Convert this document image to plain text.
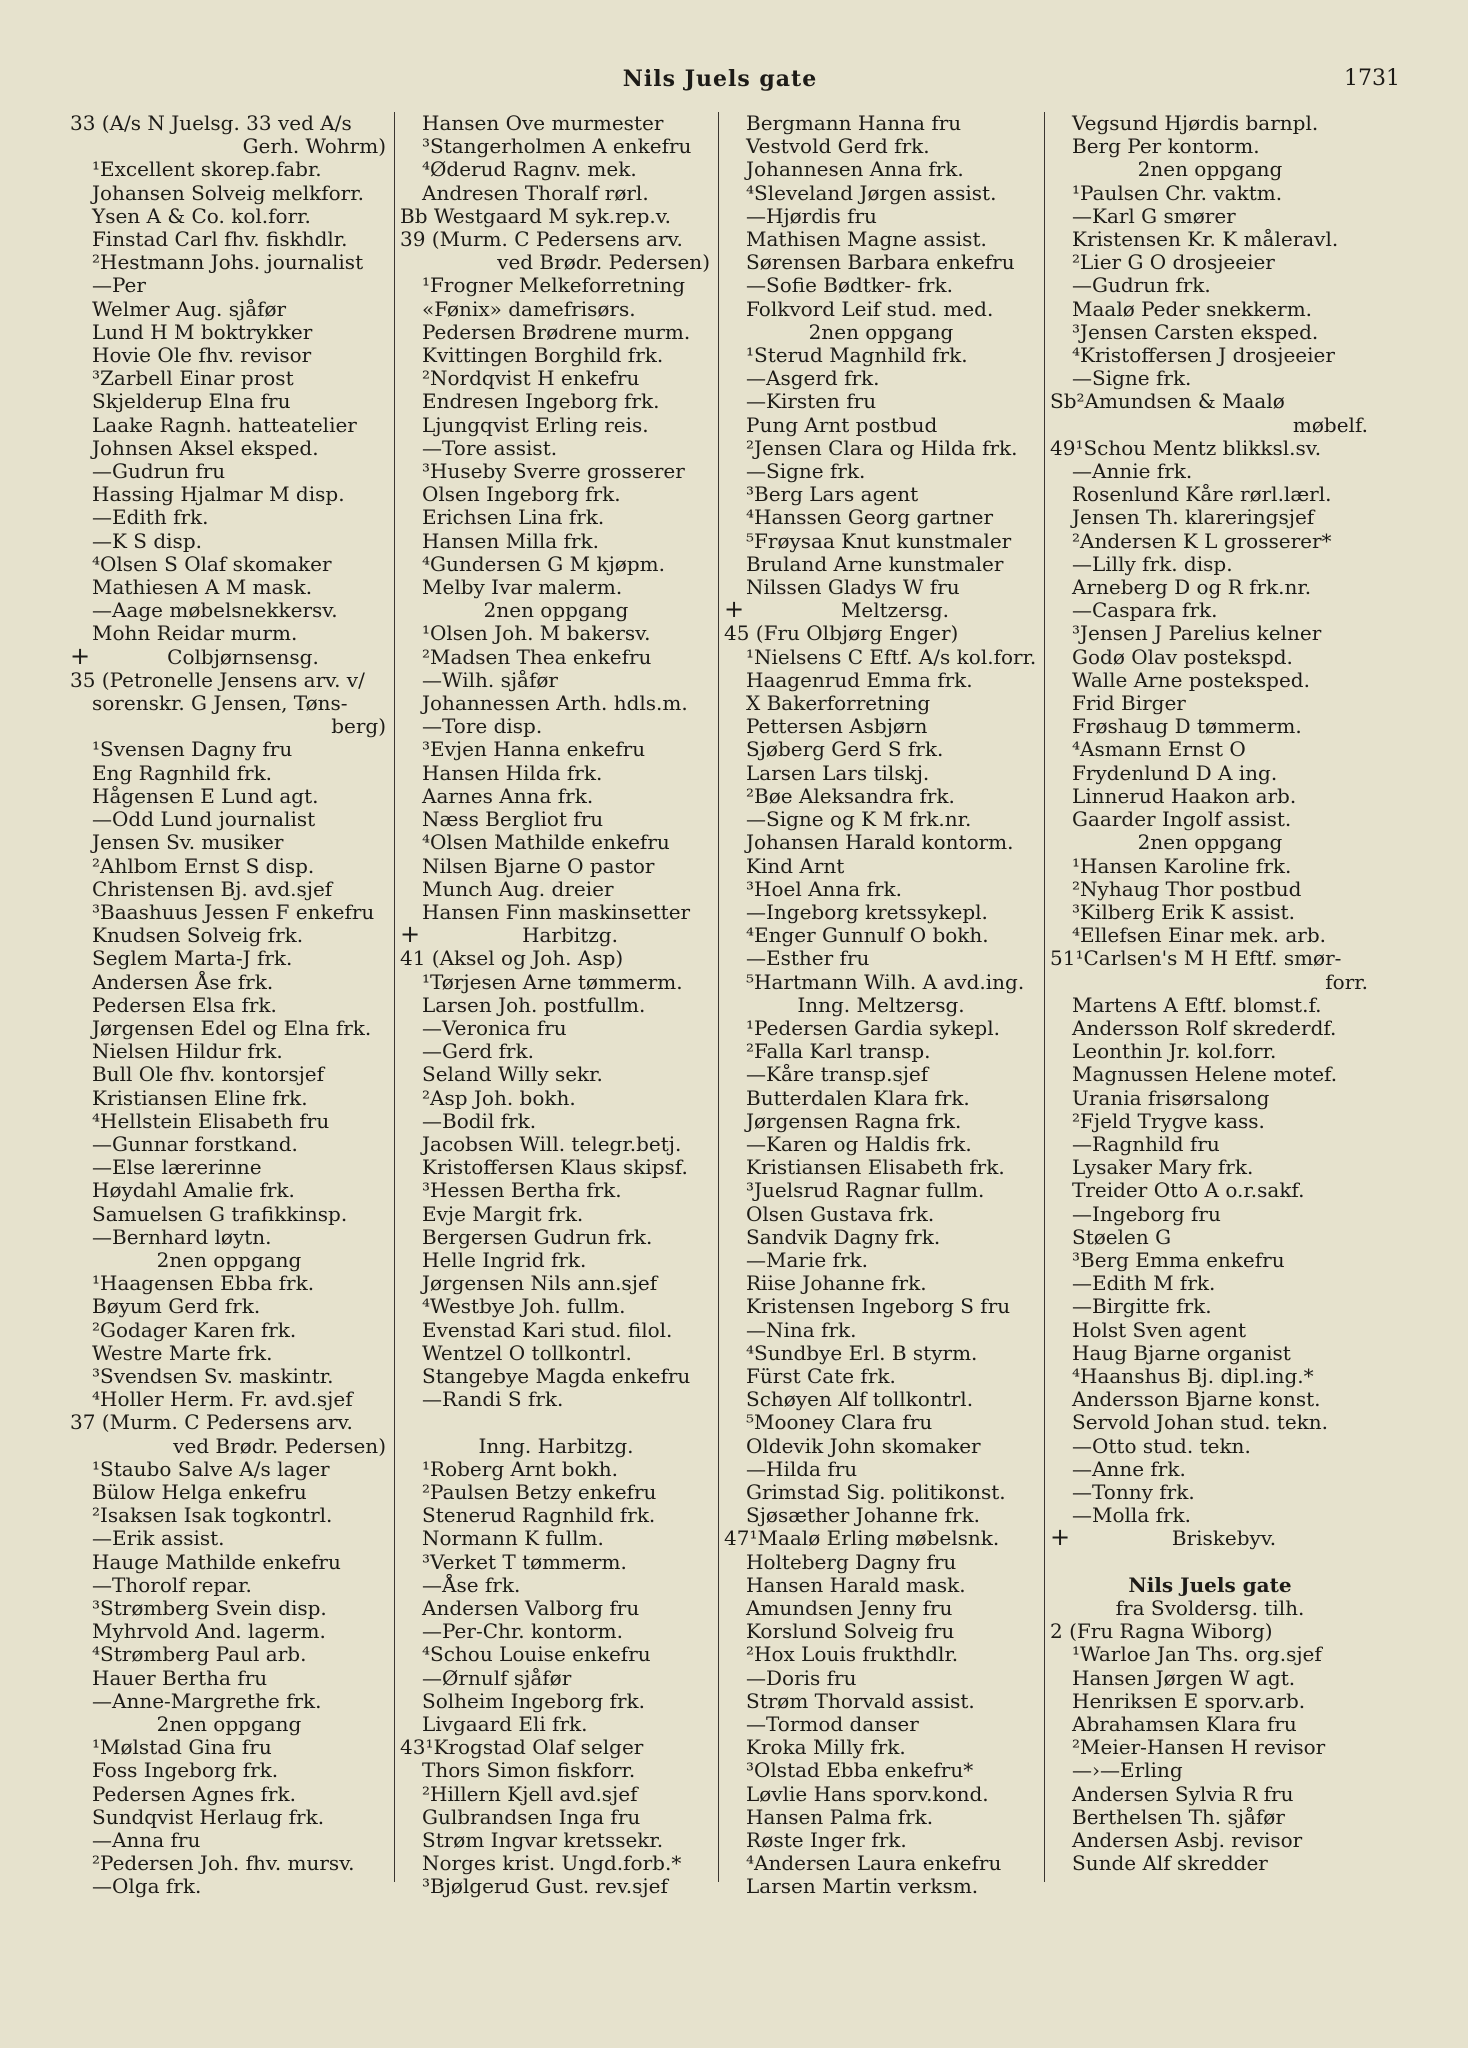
Nils Juels gate	1731
33 (A/s N Juelsg. 33 ved A/s
Gerh. Wohrm)
¹Excellent skorep.fabr.
Johansen Solveig melkforr.
Ysen A & Co. kol.forr.
Finstad Carl fhv. fiskhdlr.
²Hestmann Johs. journalist
—Per
Welmer Aug. sjåfør
Lund H M boktrykker
Hovie Ole fhv. revisor
³Zarbell Einar prost
Skjelderup Elna fru
Laake Ragnh. hatteatelier
Johnsen Aksel eksped.
—Gudrun fru
Hassing Hjalmar M disp.
—Edith frk.
—K S disp.
⁴Olsen S Olaf skomaker
Mathiesen A M mask.
—Aage møbelsnekkersv.
Mohn Reidar murm.
+	Colbjørnsensg.
35 (Petronelle Jensens arv. v/
sorenskr. G Jensen, Tøns-
berg)
¹Svensen Dagny fru
Eng Ragnhild frk.
Hågensen E Lund agt.
—Odd Lund journalist
Jensen Sv. musiker
²Ahlbom Ernst S disp.
Christensen Bj. avd.sjef
³Baashuus Jessen F enkefru
Knudsen Solveig frk.
Seglem Marta-J frk.
Andersen Åse frk.
Pedersen Elsa frk.
Jørgensen Edel og Elna frk.
Nielsen Hildur frk.
Bull Ole fhv. kontorsjef
Kristiansen Eline frk.
⁴Hellstein Elisabeth fru
—Gunnar forstkand.
—Else lærerinne
Høydahl Amalie frk.
Samuelsen G trafikkinsp.
—Bernhard løytn.
2nen oppgang
¹Haagensen Ebba frk.
Bøyum Gerd frk.
²Godager Karen frk.
Westre Marte frk.
³Svendsen Sv. maskintr.
⁴Holler Herm. Fr. avd.sjef
37 (Murm. C Pedersens arv.
ved Brødr. Pedersen)
¹Staubo Salve A/s lager
Bülow Helga enkefru
²Isaksen Isak togkontrl.
—Erik assist.
Hauge Mathilde enkefru
—Thorolf repar.
³Strømberg Svein disp.
Myhrvold And. lagerm.
⁴Strømberg Paul arb.
Hauer Bertha fru
—Anne-Margrethe frk.
2nen oppgang
¹Mølstad Gina fru
Foss Ingeborg frk.
Pedersen Agnes frk.
Sundqvist Herlaug frk.
—Anna fru
²Pedersen Joh. fhv. mursv.
—Olga frk.
Hansen Ove murmester
³Stangerholmen A enkefru
⁴Øderud Ragnv. mek.
Andresen Thoralf rørl.
Bb Westgaard M syk.rep.v.
39 (Murm. C Pedersens arv.
ved Brødr. Pedersen)
¹Frogner Melkeforretning
«Fønix» damefrisørs.
Pedersen Brødrene murm.
Kvittingen Borghild frk.
²Nordqvist H enkefru
Endresen Ingeborg frk.
Ljungqvist Erling reis.
—Tore assist.
³Huseby Sverre grosserer
Olsen Ingeborg frk.
Erichsen Lina frk.
Hansen Milla frk.
⁴Gundersen G M kjøpm.
Melby Ivar malerm.
2nen oppgang
¹Olsen Joh. M bakersv.
²Madsen Thea enkefru
—Wilh. sjåfør
Johannessen Arth. hdls.m.
—Tore disp.
³Evjen Hanna enkefru
Hansen Hilda frk.
Aarnes Anna frk.
Næss Bergliot fru
⁴Olsen Mathilde enkefru
Nilsen Bjarne O pastor
Munch Aug. dreier
Hansen Finn maskinsetter
+	Harbitzg.
41 (Aksel og Joh. Asp)
¹Tørjesen Arne tømmerm.
Larsen Joh. postfullm.
—Veronica fru
—Gerd frk.
Seland Willy sekr.
²Asp Joh. bokh.
—Bodil frk.
Jacobsen Will. telegr.betj.
Kristoffersen Klaus skipsf.
³Hessen Bertha frk.
Evje Margit frk.
Bergersen Gudrun frk.
Helle Ingrid frk.
Jørgensen Nils ann.sjef
⁴Westbye Joh. fullm.
Evenstad Kari stud. filol.
Wentzel O tollkontrl.
Stangebye Magda enkefru
—Randi S frk.
Inng. Harbitzg.
¹Roberg Arnt bokh.
²Paulsen Betzy enkefru
Stenerud Ragnhild frk.
Normann K fullm.
³Verket T tømmerm.
—Åse frk.
Andersen Valborg fru
—Per-Chr. kontorm.
⁴Schou Louise enkefru
—Ørnulf sjåfør
Solheim Ingeborg frk.
Livgaard Eli frk.
43¹Krogstad Olaf selger
Thors Simon fiskforr.
²Hillern Kjell avd.sjef
Gulbrandsen Inga fru
Strøm Ingvar kretssekr.
Norges krist. Ungd.forb.*
³Bjølgerud Gust. rev.sjef
Bergmann Hanna fru
Vestvold Gerd frk.
Johannesen Anna frk.
⁴Sleveland Jørgen assist.
—Hjørdis fru
Mathisen Magne assist.
Sørensen Barbara enkefru
—Sofie Bødtker- frk.
Folkvord Leif stud. med.
2nen oppgang
¹Sterud Magnhild frk.
—Asgerd frk.
—Kirsten fru
Pung Arnt postbud
²Jensen Clara og Hilda frk.
—Signe frk.
³Berg Lars agent
⁴Hanssen Georg gartner
⁵Frøysaa Knut kunstmaler
Bruland Arne kunstmaler
Nilssen Gladys W fru
+	Meltzersg.
45 (Fru Olbjørg Enger)
¹Nielsens C Eftf. A/s kol.forr.
Haagenrud Emma frk.
X Bakerforretning
Pettersen Asbjørn
Sjøberg Gerd S frk.
Larsen Lars tilskj.
²Bøe Aleksandra frk.
—Signe og K M frk.nr.
Johansen Harald kontorm.
Kind Arnt
³Hoel Anna frk.
—Ingeborg kretssykepl.
⁴Enger Gunnulf O bokh.
—Esther fru
⁵Hartmann Wilh. A avd.ing.
Inng. Meltzersg.
¹Pedersen Gardia sykepl.
²Falla Karl transp.
—Kåre transp.sjef
Butterdalen Klara frk.
Jørgensen Ragna frk.
—Karen og Haldis frk.
Kristiansen Elisabeth frk.
³Juelsrud Ragnar fullm.
Olsen Gustava frk.
Sandvik Dagny frk.
—Marie frk.
Riise Johanne frk.
Kristensen Ingeborg S fru
—Nina frk.
⁴Sundbye Erl. B styrm.
Fürst Cate frk.
Schøyen Alf tollkontrl.
⁵Mooney Clara fru
Oldevik John skomaker
—Hilda fru
Grimstad Sig. politikonst.
Sjøsæther Johanne frk.
47¹Maalø Erling møbelsnk.
Holteberg Dagny fru
Hansen Harald mask.
Amundsen Jenny fru
Korslund Solveig fru
²Hox Louis frukthdlr.
—Doris fru
Strøm Thorvald assist.
—Tormod danser
Kroka Milly frk.
³Olstad Ebba enkefru*
Løvlie Hans sporv.kond.
Hansen Palma frk.
Røste Inger frk.
⁴Andersen Laura enkefru
Larsen Martin verksm.
Vegsund Hjørdis barnpl.
Berg Per kontorm.
2nen oppgang
¹Paulsen Chr. vaktm.
—Karl G smører
Kristensen Kr. K måleravl.
²Lier G O drosjeeier
—Gudrun frk.
Maalø Peder snekkerm.
³Jensen Carsten eksped.
⁴Kristoffersen J drosjeeier
—Signe frk.
Sb²Amundsen & Maalø
møbelf.
49¹Schou Mentz blikksl.sv.
—Annie frk.
Rosenlund Kåre rørl.lærl.
Jensen Th. klareringsjef
²Andersen K L grosserer*
—Lilly frk. disp.
Arneberg D og R frk.nr.
—Caspara frk.
³Jensen J Parelius kelner
Godø Olav postekspd.
Walle Arne posteksped.
Frid Birger
Frøshaug D tømmerm.
⁴Asmann Ernst O
Frydenlund D A ing.
Linnerud Haakon arb.
Gaarder Ingolf assist.
2nen oppgang
¹Hansen Karoline frk.
²Nyhaug Thor postbud
³Kilberg Erik K assist.
⁴Ellefsen Einar mek. arb.
51¹Carlsen's M H Eftf. smør-
forr.
Martens A Eftf. blomst.f.
Andersson Rolf skrederdf.
Leonthin Jr. kol.forr.
Magnussen Helene motef.
Urania frisørsalong
²Fjeld Trygve kass.
—Ragnhild fru
Lysaker Mary frk.
Treider Otto A o.r.sakf.
—Ingeborg fru
Støelen G
³Berg Emma enkefru
—Edith M frk.
—Birgitte frk.
Holst Sven agent
Haug Bjarne organist
⁴Haanshus Bj. dipl.ing.*
Andersson Bjarne konst.
Servold Johan stud. tekn.
—Otto stud. tekn.
—Anne frk.
—Tonny frk.
—Molla frk.
+	Briskebyv.
Nils Juels gate
fra Svoldersg. tilh.
2 (Fru Ragna Wiborg)
¹Warloe Jan Ths. org.sjef
Hansen Jørgen W agt.
Henriksen E sporv.arb.
Abrahamsen Klara fru
²Meier-Hansen H revisor
—›—Erling
Andersen Sylvia R fru
Berthelsen Th. sjåfør
Andersen Asbj. revisor
Sunde Alf skredder
